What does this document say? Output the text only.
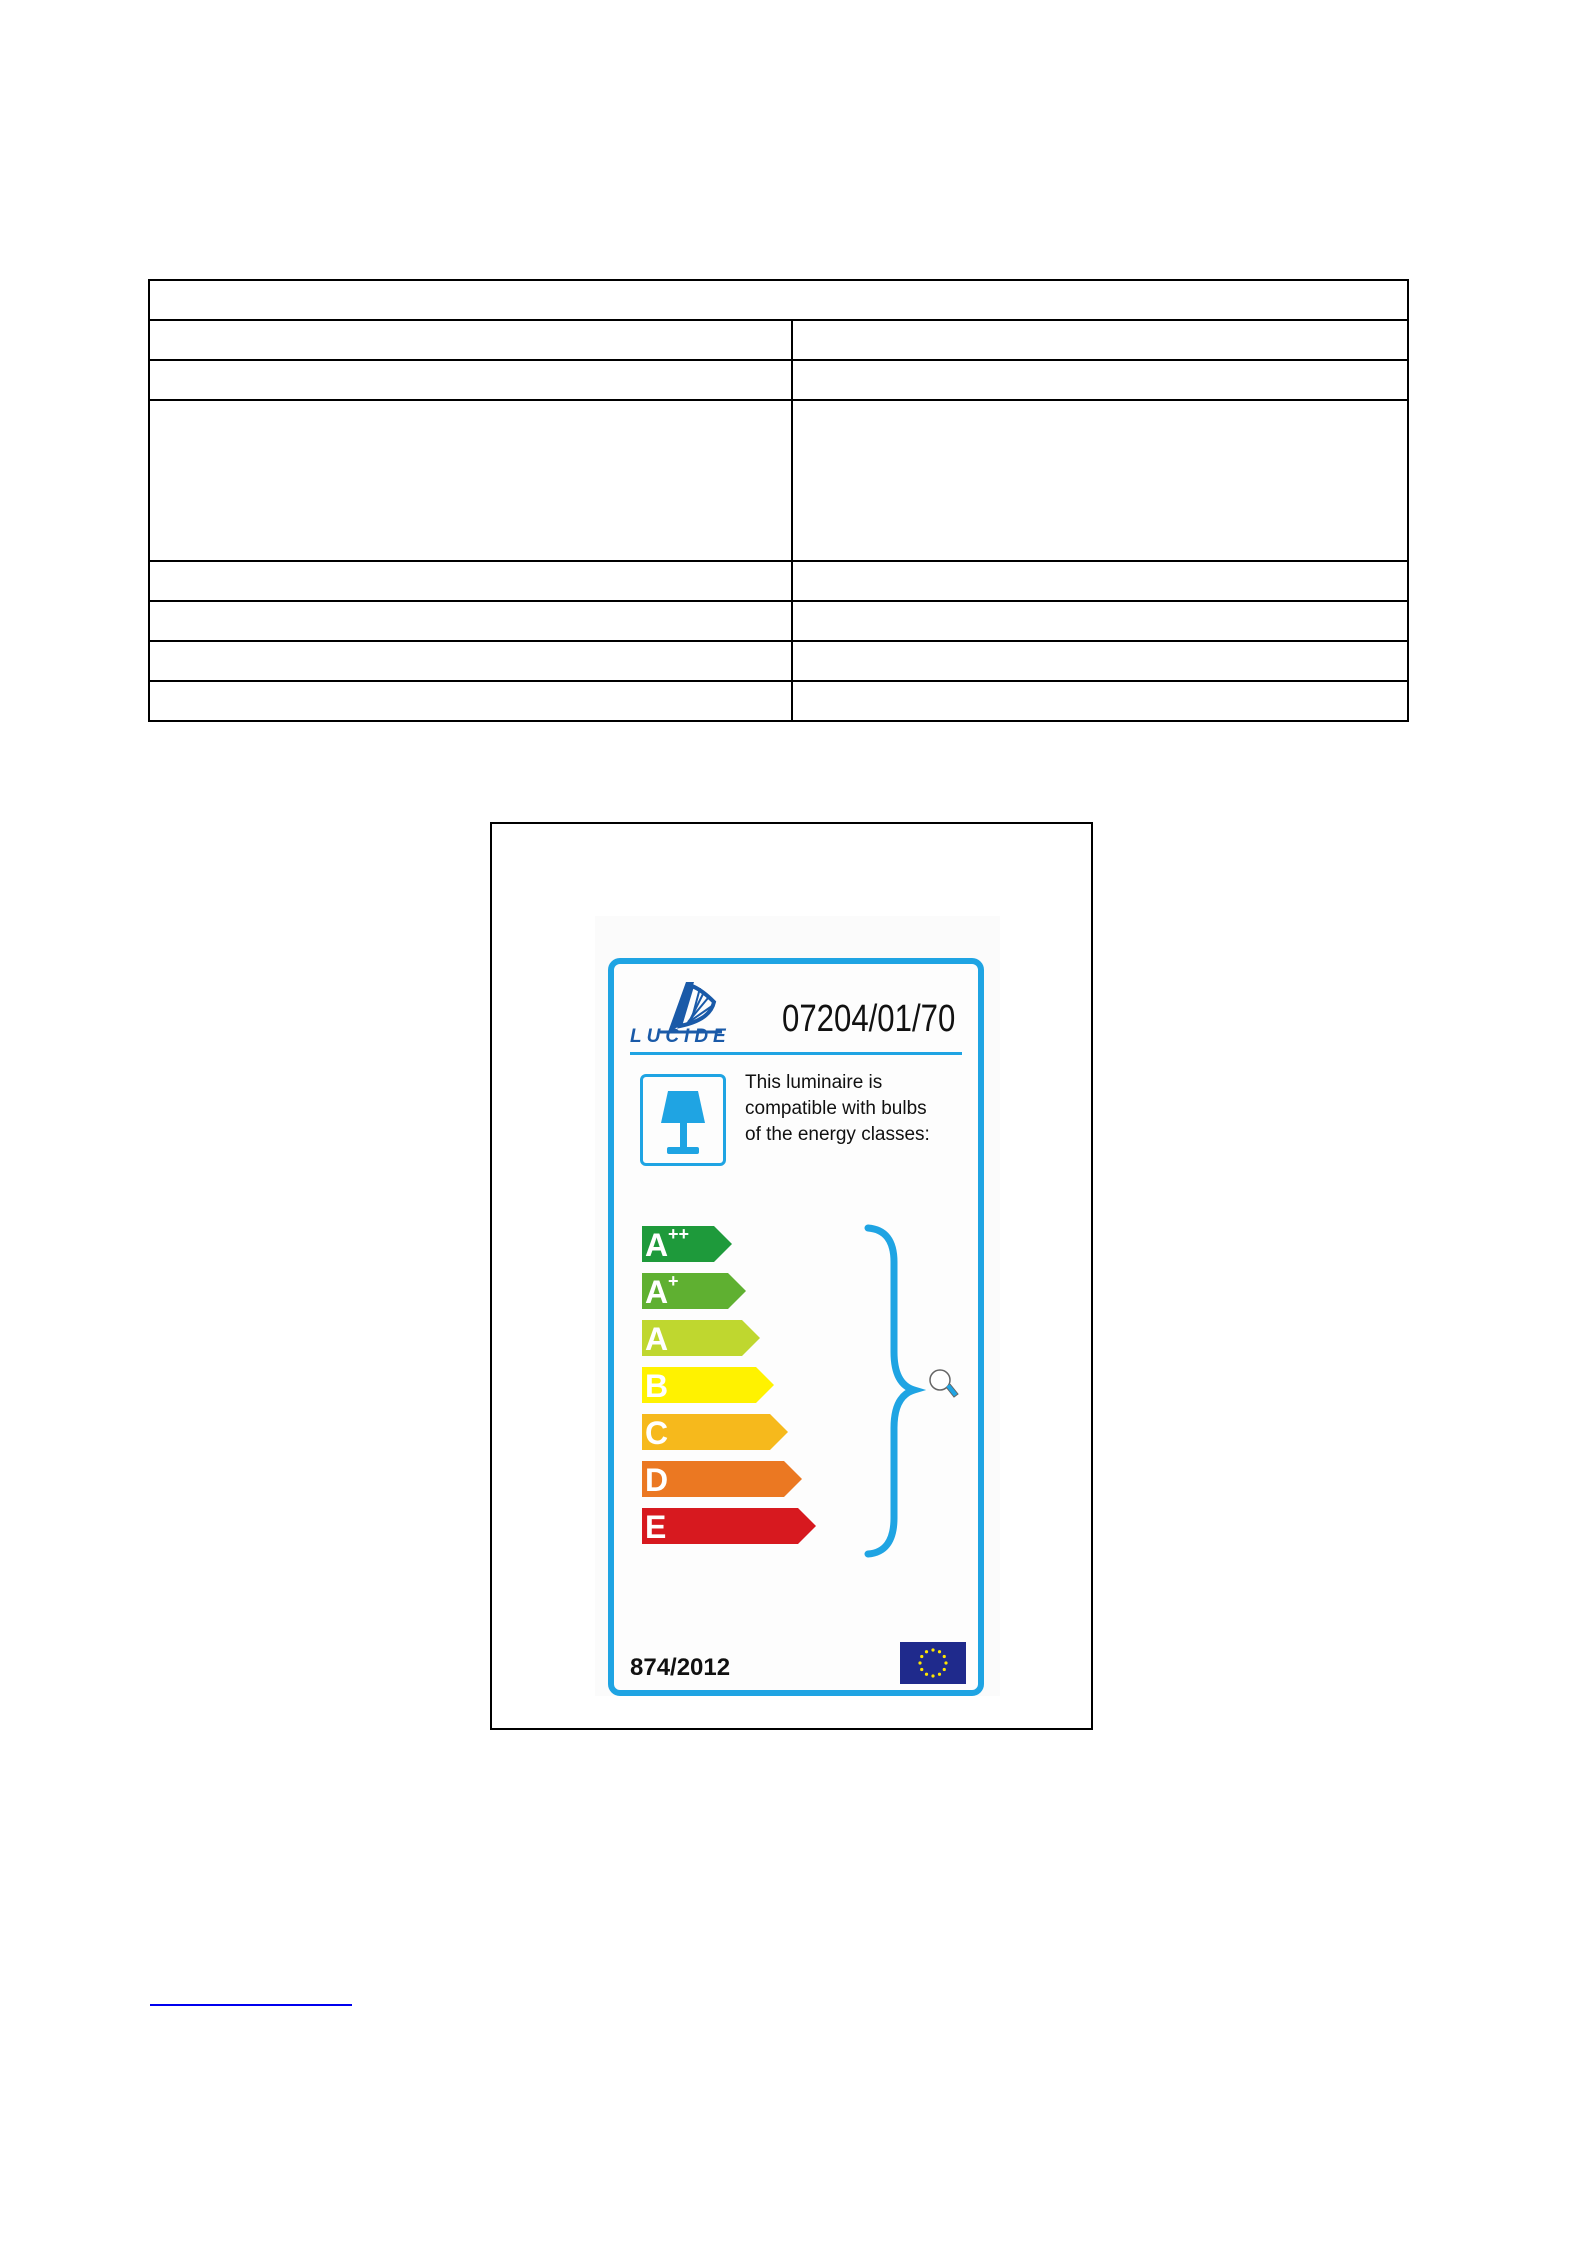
LUCIDE 07204/01/70
This luminaire is
compatible with bulbs
of the energy classes:
A ++
A +
A
B
C
D
E
874/2012
